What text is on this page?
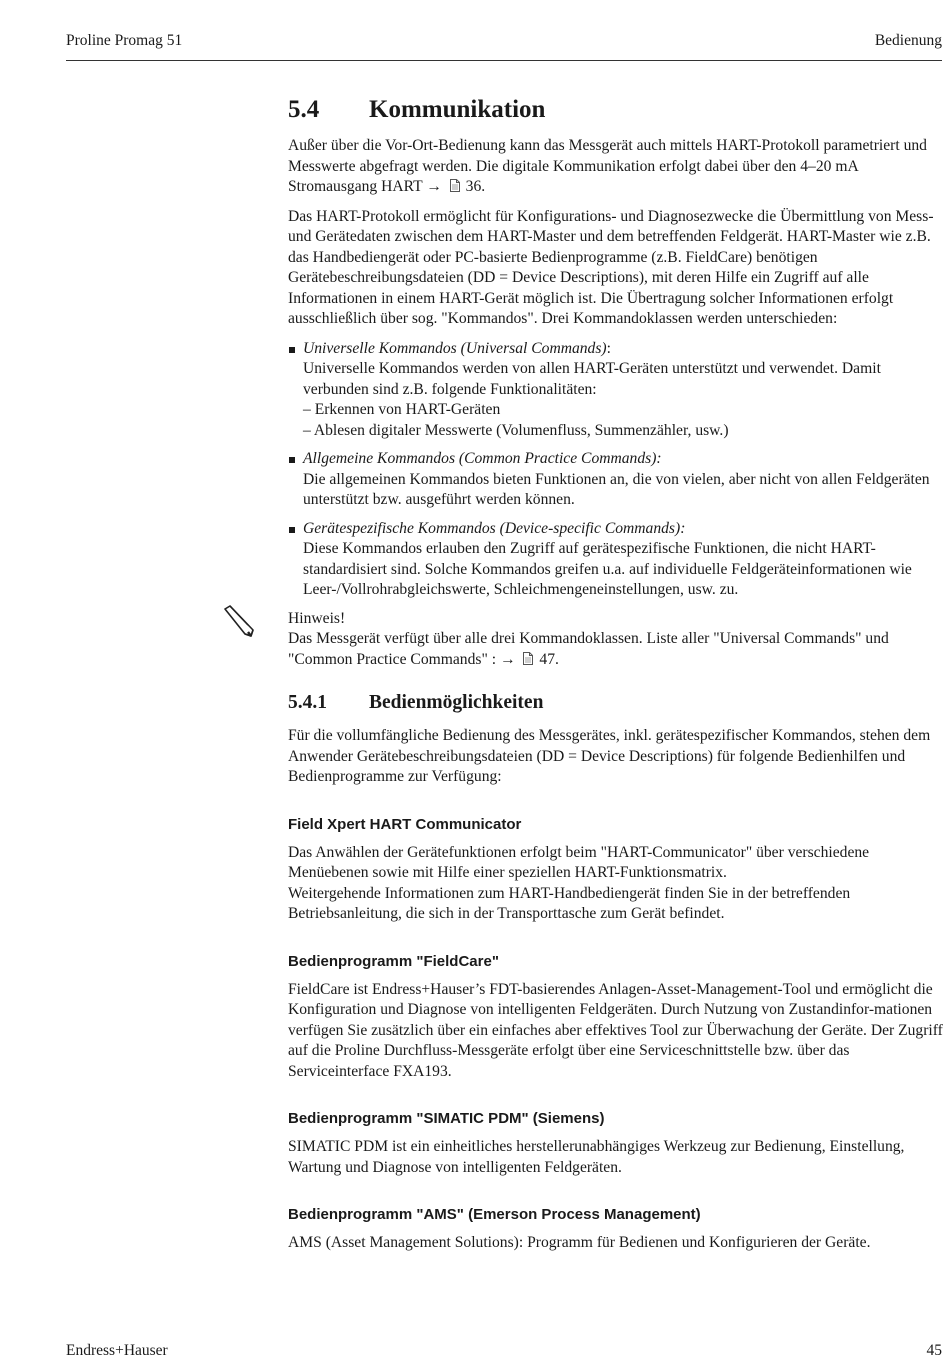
Proline Promag 51	Bedienung
5.4 Kommunikation

Außer über die Vor-Ort-Bedienung kann das Messgerät auch mittels HART-Protokoll parametriert und Messwerte abgefragt werden. Die digitale Kommunikation erfolgt dabei über den 4–20 mA Stromausgang HART → 36.

Das HART-Protokoll ermöglicht für Konfigurations- und Diagnosezwecke die Übermittlung von Mess- und Gerätedaten zwischen dem HART-Master und dem betreffenden Feldgerät. HART-Master wie z.B. das Handbediengerät oder PC-basierte Bedienprogramme (z.B. FieldCare) benötigen Gerätebeschreibungsdateien (DD = Device Descriptions), mit deren Hilfe ein Zugriff auf alle Informationen in einem HART-Gerät möglich ist. Die Übertragung solcher Informationen erfolgt ausschließlich über sog. "Kommandos". Drei Kommandoklassen werden unterschieden:

Universelle Kommandos (Universal Commands):
Universelle Kommandos werden von allen HART-Geräten unterstützt und verwendet. Damit verbunden sind z.B. folgende Funktionalitäten:
– Erkennen von HART-Geräten
– Ablesen digitaler Messwerte (Volumenfluss, Summenzähler, usw.)
Allgemeine Kommandos (Common Practice Commands):
Die allgemeinen Kommandos bieten Funktionen an, die von vielen, aber nicht von allen Feldgeräten unterstützt bzw. ausgeführt werden können.
Gerätespezifische Kommandos (Device-specific Commands):
Diese Kommandos erlauben den Zugriff auf gerätespezifische Funktionen, die nicht HART-standardisiert sind. Solche Kommandos greifen u.a. auf individuelle Feldgeräteinformationen wie Leer-/Vollrohrabgleichswerte, Schleichmengeneinstellungen, usw. zu.

Hinweis!

Das Messgerät verfügt über alle drei Kommandoklassen. Liste aller "Universal Commands" und "Common Practice Commands" : → 47.

5.4.1 Bedienmöglichkeiten

Für die vollumfängliche Bedienung des Messgerätes, inkl. gerätespezifischer Kommandos, stehen dem Anwender Gerätebeschreibungsdateien (DD = Device Descriptions) für folgende Bedienhilfen und Bedienprogramme zur Verfügung:

Field Xpert HART Communicator

Das Anwählen der Gerätefunktionen erfolgt beim "HART-Communicator" über verschiedene Menüebenen sowie mit Hilfe einer speziellen HART-Funktionsmatrix.

Weitergehende Informationen zum HART-Handbediengerät finden Sie in der betreffenden Betriebsanleitung, die sich in der Transporttasche zum Gerät befindet.

Bedienprogramm "FieldCare"

FieldCare ist Endress+Hauser’s FDT-basierendes Anlagen-Asset-Management-Tool und ermöglicht die Konfiguration und Diagnose von intelligenten Feldgeräten. Durch Nutzung von Zustandinfor-mationen verfügen Sie zusätzlich über ein einfaches aber effektives Tool zur Überwachung der Geräte. Der Zugriff auf die Proline Durchfluss-Messgeräte erfolgt über eine Serviceschnittstelle bzw. über das Serviceinterface FXA193.

Bedienprogramm "SIMATIC PDM" (Siemens)

SIMATIC PDM ist ein einheitliches herstellerunabhängiges Werkzeug zur Bedienung, Einstellung, Wartung und Diagnose von intelligenten Feldgeräten.

Bedienprogramm "AMS" (Emerson Process Management)

AMS (Asset Management Solutions): Programm für Bedienen und Konfigurieren der Geräte.

Endress+Hauser	45
